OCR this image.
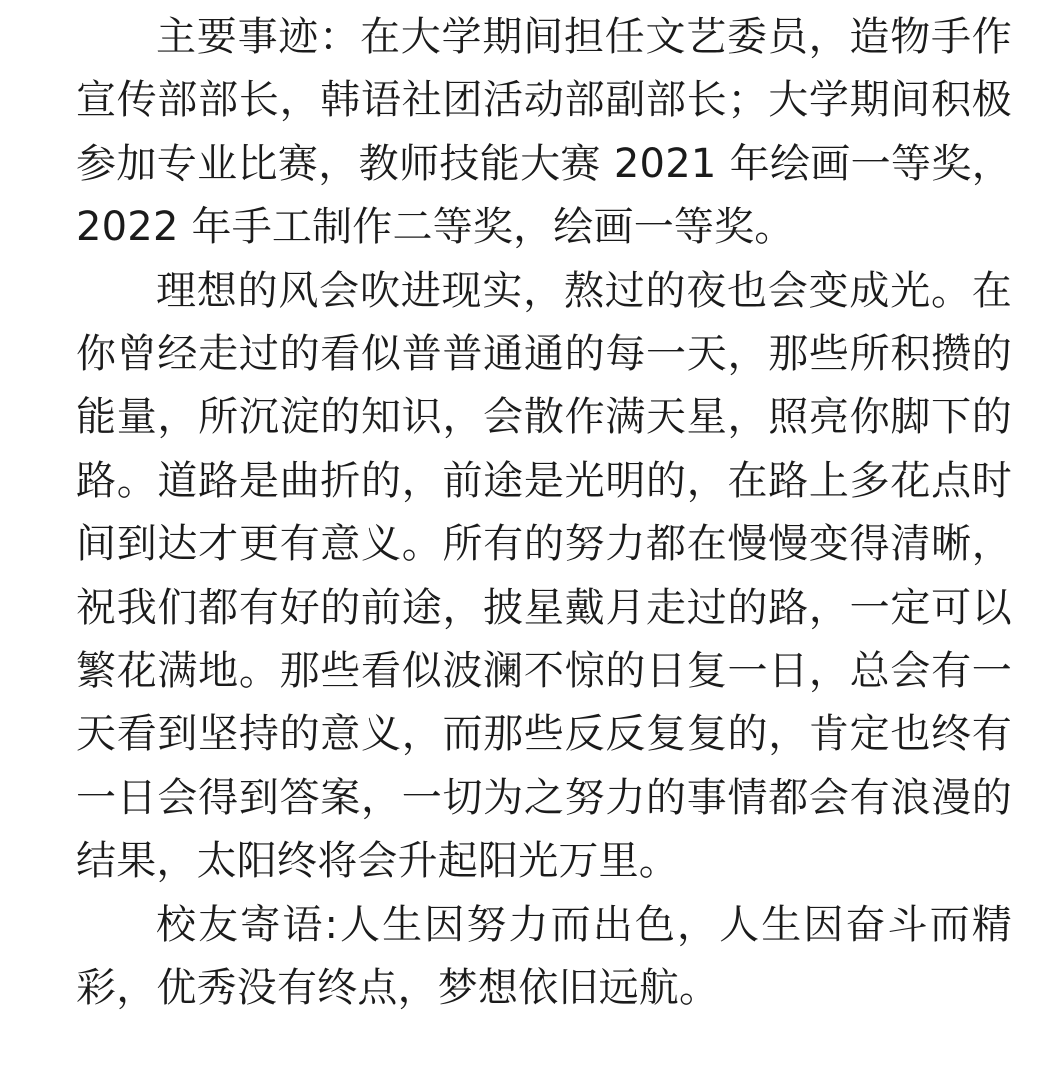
主要事迹：在大学期间担任文艺委员，造物手作宣传部部长，韩语社团活动部副部长；大学期间积极参加专业比赛，教师技能大赛 2021 年绘画一等奖，2022 年手工制作二等奖，绘画一等奖。

理想的风会吹进现实，熬过的夜也会变成光。在你曾经走过的看似普普通通的每一天，那些所积攒的能量，所沉淀的知识，会散作满天星，照亮你脚下的路。道路是曲折的，前途是光明的，在路上多花点时间到达才更有意义。所有的努力都在慢慢变得清晰，祝我们都有好的前途，披星戴月走过的路，一定可以繁花满地。那些看似波澜不惊的日复一日，总会有一天看到坚持的意义，而那些反反复复的，肯定也终有一日会得到答案，一切为之努力的事情都会有浪漫的结果，太阳终将会升起阳光万里。

校友寄语:人生因努力而出色，人生因奋斗而精彩，优秀没有终点，梦想依旧远航。
